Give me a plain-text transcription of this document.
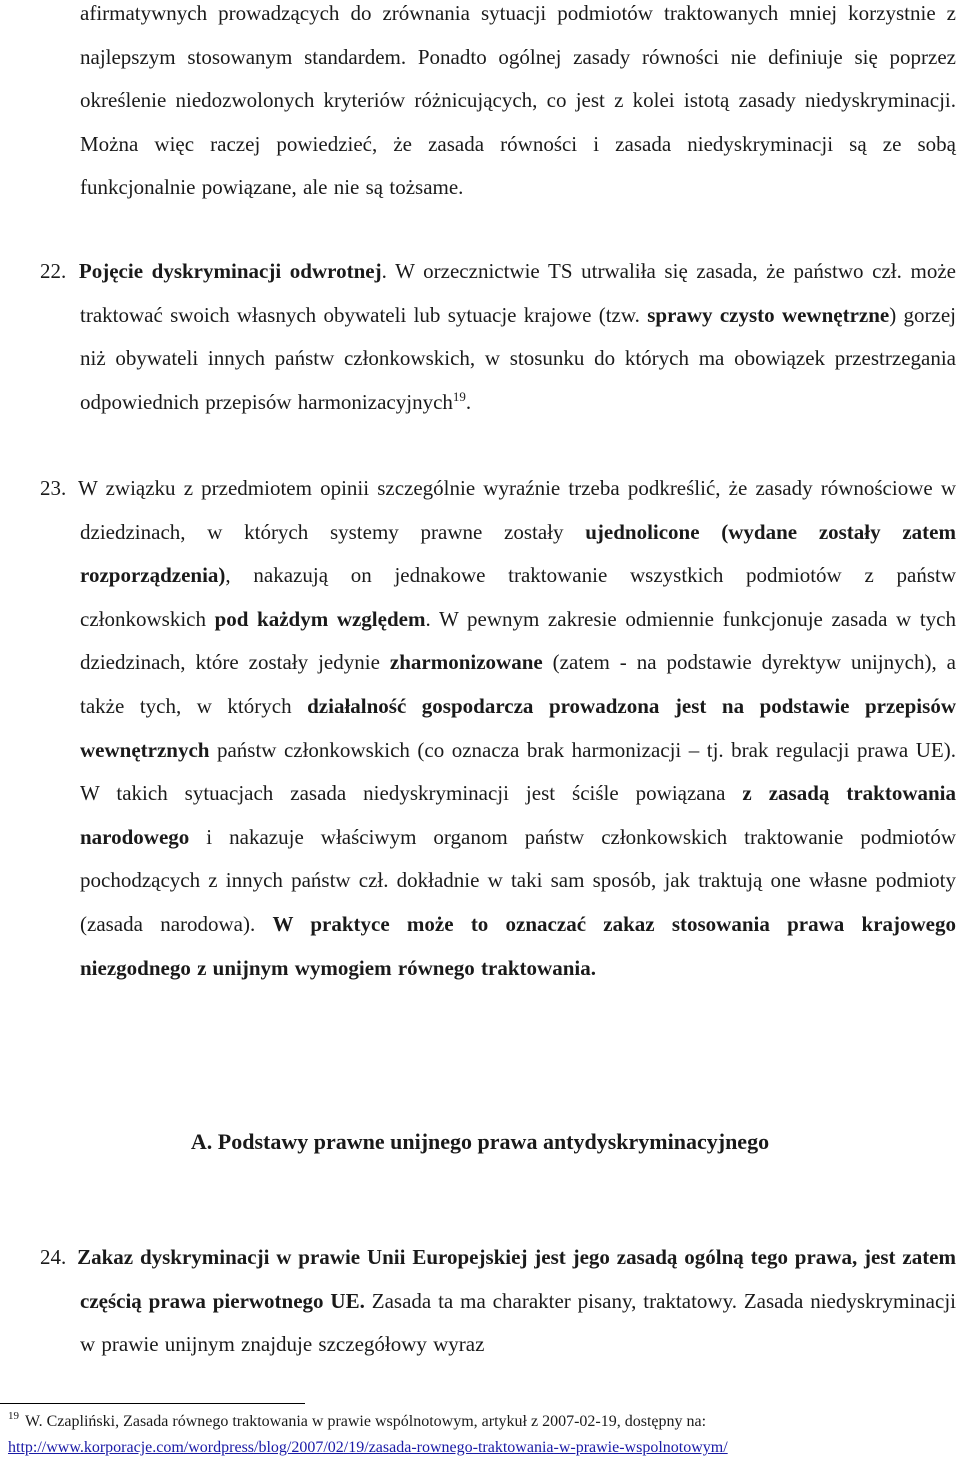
afirmatywnych prowadzących do zrównania sytuacji podmiotów traktowanych mniej korzystnie z najlepszym stosowanym standardem. Ponadto ogólnej zasady równości nie definiuje się poprzez określenie niedozwolonych kryteriów różnicujących, co jest z kolei istotą zasady niedyskryminacji. Można więc raczej powiedzieć, że zasada równości i zasada niedyskryminacji są ze sobą funkcjonalnie powiązane, ale nie są tożsame.

22. Pojęcie dyskryminacji odwrotnej. W orzecznictwie TS utrwaliła się zasada, że państwo czł. może traktować swoich własnych obywateli lub sytuacje krajowe (tzw. sprawy czysto wewnętrzne) gorzej niż obywateli innych państw członkowskich, w stosunku do których ma obowiązek przestrzegania odpowiednich przepisów harmonizacyjnych$^{19}$.

23. W związku z przedmiotem opinii szczególnie wyraźnie trzeba podkreślić, że zasady równościowe w dziedzinach, w których systemy prawne zostały ujednolicone (wydane zostały zatem rozporządzenia), nakazują on jednakowe traktowanie wszystkich podmiotów z państw członkowskich pod każdym względem. W pewnym zakresie odmiennie funkcjonuje zasada w tych dziedzinach, które zostały jedynie zharmonizowane (zatem - na podstawie dyrektyw unijnych), a także tych, w których działalność gospodarcza prowadzona jest na podstawie przepisów wewnętrznych państw członkowskich (co oznacza brak harmonizacji – tj. brak regulacji prawa UE). W takich sytuacjach zasada niedyskryminacji jest ściśle powiązana z zasadą traktowania narodowego i nakazuje właściwym organom państw członkowskich traktowanie podmiotów pochodzących z innych państw czł. dokładnie w taki sam sposób, jak traktują one własne podmioty (zasada narodowa). W praktyce może to oznaczać zakaz stosowania prawa krajowego niezgodnego z unijnym wymogiem równego traktowania.

A. Podstawy prawne unijnego prawa antydyskryminacyjnego

24. Zakaz dyskryminacji w prawie Unii Europejskiej jest jego zasadą ogólną tego prawa, jest zatem częścią prawa pierwotnego UE. Zasada ta ma charakter pisany, traktatowy. Zasada niedyskryminacji w prawie unijnym znajduje szczegółowy wyraz

$^{19}$ W. Czapliński, Zasada równego traktowania w prawie wspólnotowym, artykuł z 2007-02-19, dostępny na:
http://www.korporacje.com/wordpress/blog/2007/02/19/zasada-rownego-traktowania-w-prawie-wspolnotowym/
